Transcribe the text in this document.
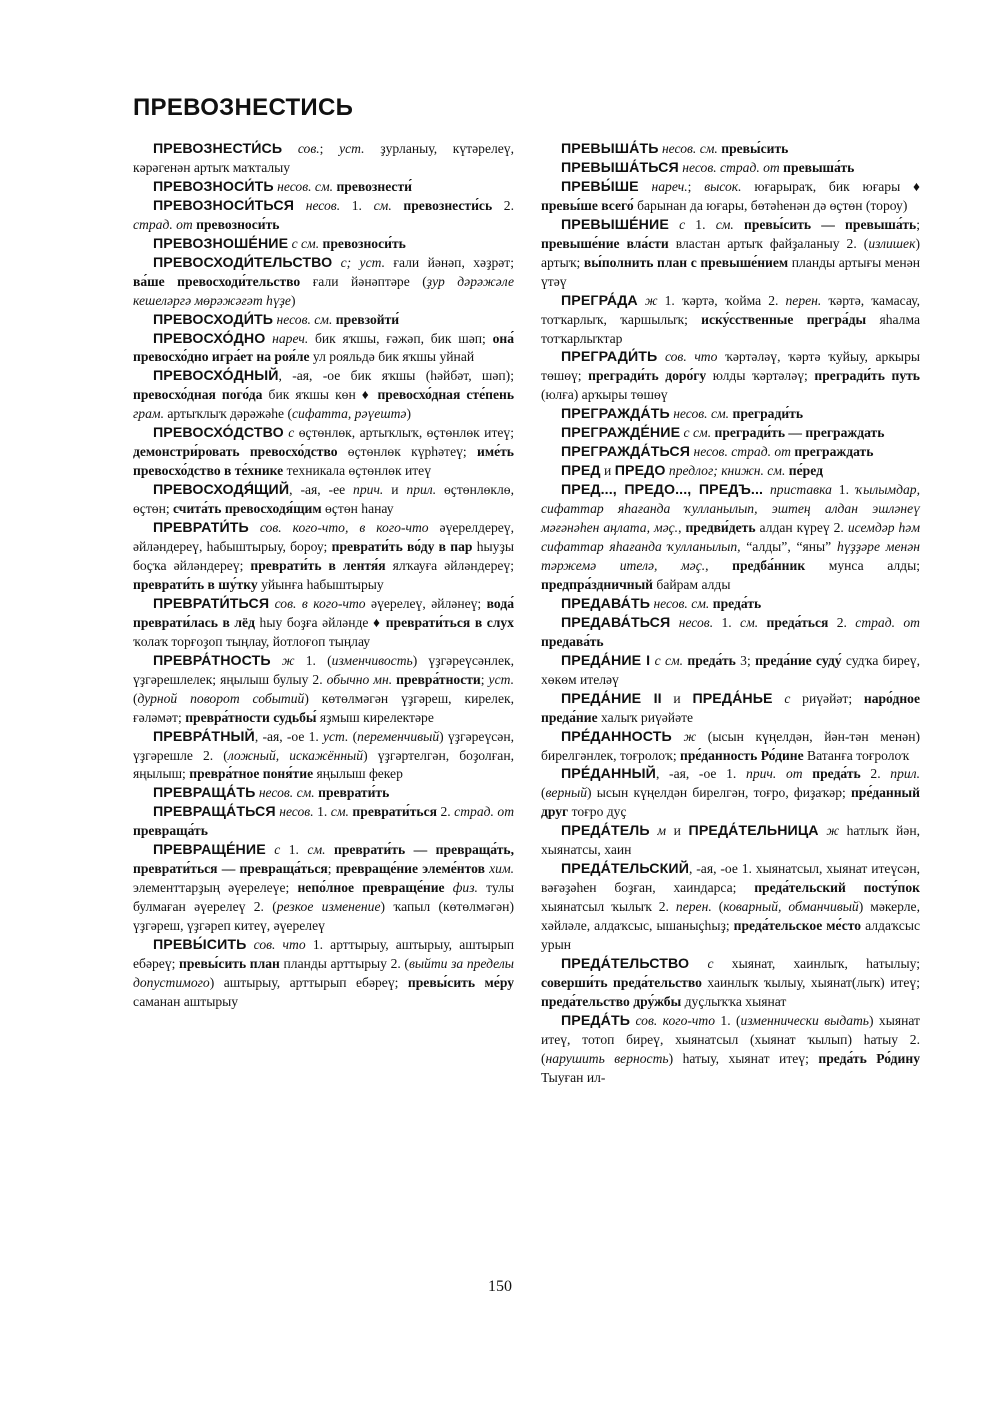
ПРЕВОЗНЕСТИСЬ

ПРЕВОЗНЕСТИ́СЬ сов.; уст. ҙурланыу, күтәрелеү, кәрәгенән артыҡ маҡталыу

ПРЕВОЗНОСИ́ТЬ несов. см. превознести́

ПРЕВОЗНОСИ́ТЬСЯ несов. 1. см. превознести́сь 2. страд. от превозноси́ть

ПРЕВОЗНОШЕ́НИЕ с см. превозноси́ть

ПРЕВОСХОДИ́ТЕЛЬСТВО с; уст. ғали йәнәп, хәҙрәт; ва́ше превосходи́тельство ғали йәнәптәре (ҙур дәрәжәле кешеләргә мөрәжәғәт һүҙе)

ПРЕВОСХОДИ́ТЬ несов. см. превзойти́

ПРЕВОСХО́ДНО нареч. бик яҡшы, ғәжәп, бик шәп; она́ превосхо́дно игра́ет на роя́ле ул рояльдә бик яҡшы уйнай

ПРЕВОСХО́ДНЫЙ, -ая, -ое бик яҡшы (һәйбәт, шәп); превосхо́дная пого́да бик яҡшы көн ♦ превосхо́дная сте́пень грам. артыҡлыҡ дәрәжәһе (сифатта, рәүештә)

ПРЕВОСХО́ДСТВО с өҫтөнлөк, артыҡлыҡ, өҫтөнлөк итеү; демонстри́ровать превосхо́дство өҫтөнлөк күрһәтеү; име́ть превосхо́дство в те́хнике техникала өҫтөнлөк итеү

ПРЕВОСХОДЯ́ЩИЙ, -ая, -ее прич. и прил. өҫтөнлөклө, өҫтөн; счита́ть превосходя́щим өҫтөн һанау

ПРЕВРАТИ́ТЬ сов. кого-что, в кого-что әүерелдереү, әйләндереү, һабыштырыу, бороу; преврати́ть во́ду в пар һыуҙы боҫҡа әйләндереү; преврати́ть в лентя́я ялҡауға әйләндереү; преврати́ть в шу́тку уйынға һабыштырыу

ПРЕВРАТИ́ТЬСЯ сов. в кого-что әүерелеү, әйләнеү; вода́ преврати́лась в лёд һыу боҙға әйләнде ♦ преврати́ться в слух ҡолаҡ торғоҙоп тыңлау, йотлоғоп тыңлау

ПРЕВРА́ТНОСТЬ ж 1. (изменчивость) үҙгәреүсәнлек, үҙгәрешлелек; яңылыш булыу 2. обычно мн. превра́тности; уст. (дурной поворот событий) көтөлмәгән үҙгәреш, кирелек, ғәләмәт; превра́тности судьбы́ яҙмыш кирелектәре

ПРЕВРА́ТНЫЙ, -ая, -ое 1. уст. (переменчивый) үҙгәреүсән, үҙгәрешле 2. (ложный, искажённый) үҙгәртелгән, боҙолған, яңылыш; превра́тное поня́тие яңылыш фекер

ПРЕВРАЩА́ТЬ несов. см. преврати́ть

ПРЕВРАЩА́ТЬСЯ несов. 1. см. преврати́ться 2. страд. от превраща́ть

ПРЕВРАЩЕ́НИЕ с 1. см. преврати́ть — превраща́ть, преврати́ться — превраща́ться; превраще́ние элеме́нтов хим. элементтарҙың әүерелеүе; непо́лное превраще́ние физ. тулы булмаған әүерелеү 2. (резкое изменение) ҡапыл (көтөлмәгән) үҙгәреш, үҙгәреп китеү, әүерелеү

ПРЕВЫ́СИТЬ сов. что 1. арттырыу, аштырыу, аштырып ебәреү; превы́сить план планды арттырыу 2. (выйти за пределы допустимого) аштырыу, арттырып ебәреү; превы́сить ме́ру саманан аштырыу

ПРЕВЫША́ТЬ несов. см. превы́сить

ПРЕВЫША́ТЬСЯ несов. страд. от превыша́ть

ПРЕВЫ́ШЕ нареч.; высок. юғарыраҡ, бик юғары ♦ превы́ше всего́ барынан да юғары, бөтәһенән дә өҫтөн (тороу)

ПРЕВЫШЕ́НИЕ с 1. см. превы́сить — превыша́ть; превыше́ние вла́сти властан артыҡ файҙаланыу 2. (излишек) артыҡ; вы́полнить план с превыше́нием планды артығы менән үтәү

ПРЕГРА́ДА ж 1. ҡәртә, ҡойма 2. перен. ҡәртә, ҡамасау, тотҡарлыҡ, ҡаршылыҡ; иску́сственные прегра́ды яһалма тотҡарлыҡтар

ПРЕГРАДИ́ТЬ сов. что ҡәртәләү, ҡәртә ҡуйыу, аркыры төшөү; прегради́ть доро́гу юлды ҡәртәләү; прегради́ть путь (юлға) арҡыры төшөү

ПРЕГРАЖДА́ТЬ несов. см. прегради́ть

ПРЕГРАЖДЕ́НИЕ с см. прегради́ть — преграждать

ПРЕГРАЖДА́ТЬСЯ несов. страд. от преграждать

ПРЕД и ПРЕДО предлог; книжн. см. пе́ред

ПРЕД..., ПРЕДО..., ПРЕДЪ... приставка 1. ҡылымдар, сифаттар яһағанда ҡулланылып, эштең алдан эшләнеү мәғәнәһен аңлата, мәҫ., предви́деть алдан күреү 2. исемдәр һәм сифаттар яһағанда ҡулланылып, “алды”, “яны” һүҙҙәре менән тәржемә ителә, мәҫ., предба́нник мунса алды; предпра́здничный байрам алды

ПРЕДАВА́ТЬ несов. см. преда́ть

ПРЕДАВА́ТЬСЯ несов. 1. см. преда́ться 2. страд. от предава́ть

ПРЕДА́НИЕ I с см. преда́ть 3; преда́ние суду́ судҡа биреү, хөкөм ителәү

ПРЕДА́НИЕ II и ПРЕДА́НЬЕ с риүәйәт; наро́дное преда́ние халыҡ риүәйәте

ПРЕ́ДАННОСТЬ ж (ысын күңелдән, йән-тән менән) бирелгәнлек, тоғролоҡ; пре́данность Ро́дине Ватанға тоғролоҡ

ПРЕ́ДАННЫЙ, -ая, -ое 1. прич. от преда́ть 2. прил. (верный) ысын күңелдән бирелгән, тоғро, фиҙаҡәр; пре́данный друг тоғро дуҫ

ПРЕДА́ТЕЛЬ м и ПРЕДА́ТЕЛЬНИЦА ж һатлыҡ йән, хыянатсы, хаин

ПРЕДА́ТЕЛЬСКИЙ, -ая, -ое 1. хыянатсыл, хыянат итеүсән, вәғәҙәһен боҙған, хаиндарса; преда́тельский посту́пок хыянатсыл ҡылыҡ 2. перен. (коварный, обманчивый) мәкерле, хәйләле, алдаҡсыс, ышаныҫһыҙ; преда́тельское ме́сто алдаҡсыс урын

ПРЕДА́ТЕЛЬСТВО с хыянат, хаинлыҡ, һатылыу; соверши́ть преда́тельство хаинлыҡ ҡылыу, хыянат(лыҡ) итеү; преда́тельство дру́жбы дуҫлыҡҡа хыянат

ПРЕДА́ТЬ сов. кого-что 1. (изменнически выдать) хыянат итеү, тотоп биреү, хыянатсыл (хыянат ҡылып) һатыу 2. (нарушить верность) һатыу, хыянат итеү; преда́ть Ро́дину Тыуған ил-

150
